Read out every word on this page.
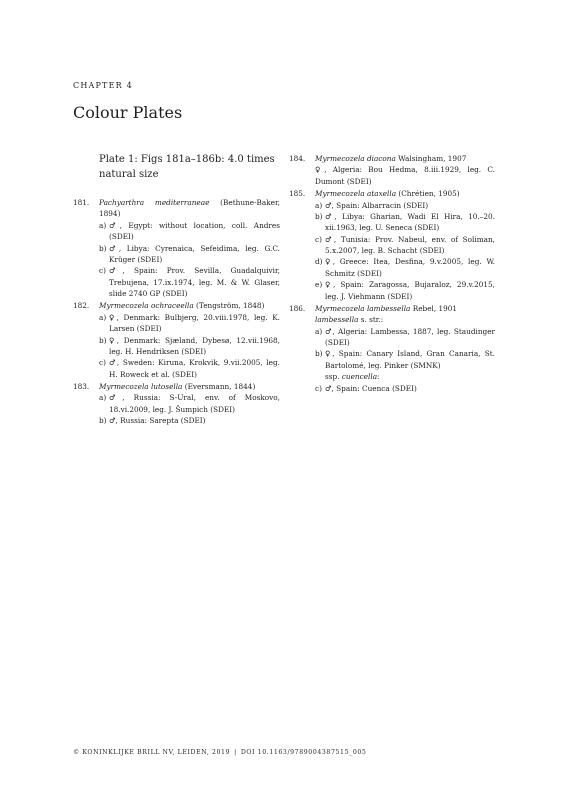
CHAPTER 4
Colour Plates
Plate 1: Figs 181a–186b: 4.0 times natural size
181. Pachyarthra mediterraneae (Bethune-Baker, 1894)
a) ♂, Egypt: without location, coll. Andres (SDEI)
b) ♂, Libya: Cyrenaica, Sefeidima, leg. G.C. Krüger (SDEI)
c) ♂, Spain: Prov. Sevilla, Guadalquivir, Trebujena, 17.ix.1974, leg. M. & W. Glaser, slide 2740 GP (SDEI)
182. Myrmecozela ochraceella (Tengström, 1848)
a) ♀, Denmark: Bulbjerg, 20.viii.1978, leg. K. Larsen (SDEI)
b) ♀, Denmark: Sjæland, Dybesø, 12.vii.1968, leg. H. Hendriksen (SDEI)
c) ♂, Sweden: Kiruna, Krokvik, 9.vii.2005, leg. H. Roweck et al. (SDEI)
183. Myrmecozela lutosella (Eversmann, 1844)
a) ♂, Russia: S-Ural, env. of Moskovo, 18.vi.2009, leg. J. Šumpich (SDEI)
b) ♂, Russia: Sarepta (SDEI)
184. Myrmecozela diacona Walsingham, 1907
♀, Algeria: Bou Hedma, 8.iii.1929, leg. C. Dumont (SDEI)
185. Myrmecozela ataxella (Chrétien, 1905)
a) ♂, Spain: Albarracin (SDEI)
b) ♂, Libya: Gharian, Wadi El Hira, 10.–20. xii.1963, leg. U. Seneca (SDEI)
c) ♂, Tunisia: Prov. Nabeul, env. of Soliman, 5.x.2007, leg. B. Schacht (SDEI)
d) ♀, Greece: Itea, Desfina, 9.v.2005, leg. W. Schmitz (SDEI)
e) ♀, Spain: Zaragossa, Bujaraloz, 29.v.2015, leg. J. Viehmann (SDEI)
186. Myrmecozela lambessella Rebel, 1901
lambessella s. str.:
a) ♂, Algeria: Lambessa, 1887, leg. Staudinger (SDEI)
b) ♀, Spain: Canary Island, Gran Canaria, St. Bartolomé, leg. Pinker (SMNK)
ssp. cuencella:
c) ♂, Spain: Cuenca (SDEI)
© KONINKLIJKE BRILL NV, LEIDEN, 2019 | DOI 10.1163/9789004387515_005
